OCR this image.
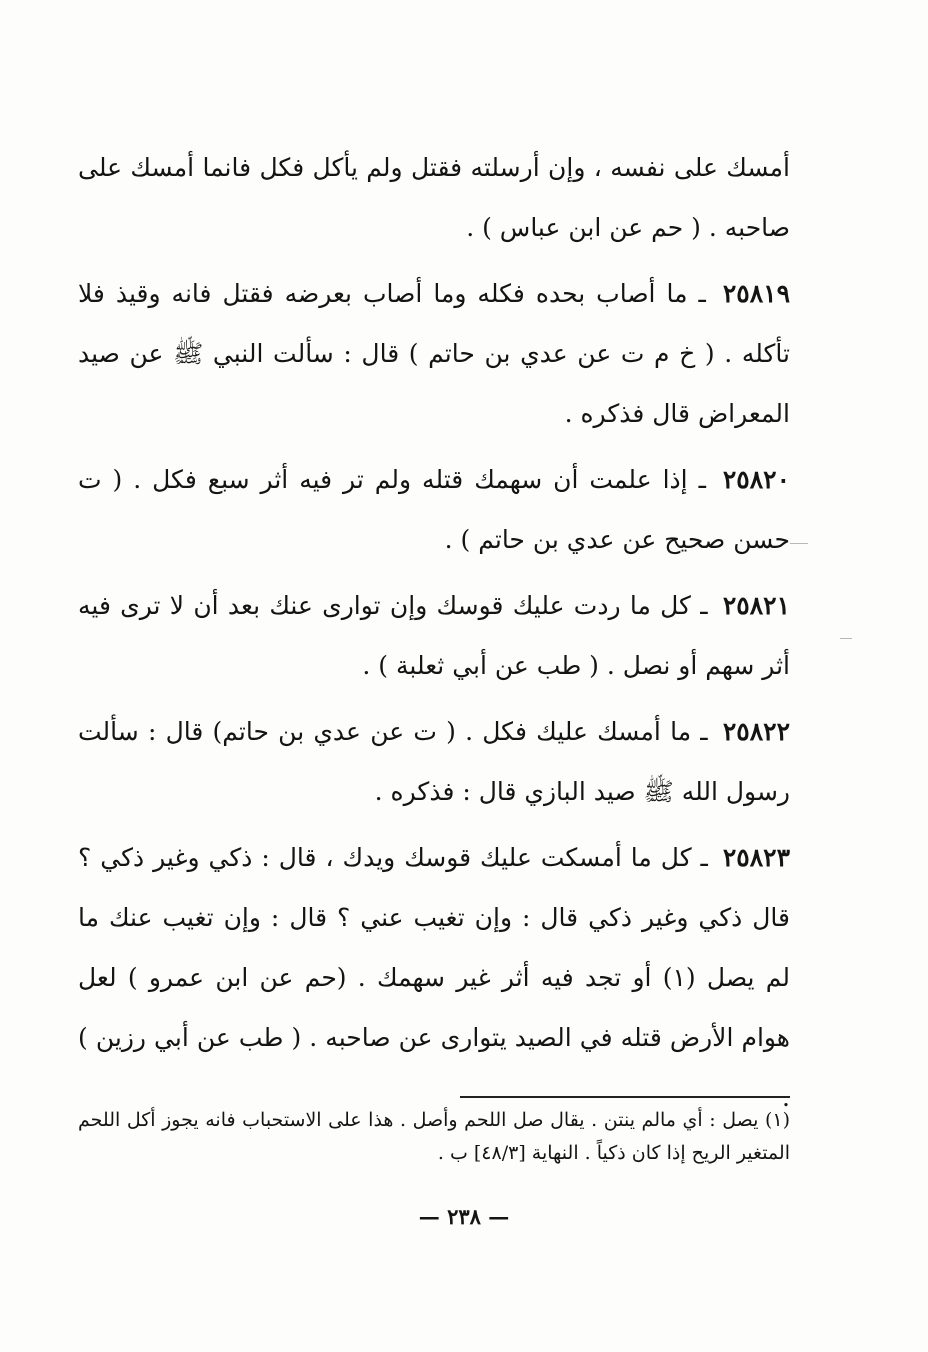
أمسك على نفسه ، وإن أرسلته فقتل ولم يأكل فكل فانما أمسك على صاحبه . ( حم عن ابن عباس ) .

٢٥٨١٩ ـ ما أصاب بحده فكله وما أصاب بعرضه فقتل فانه وقيذ فلا تأكله . ( خ م ت عن عدي بن حاتم ) قال : سألت النبي ﷺ عن صيد المعراض قال فذكره .

٢٥٨٢٠ ـ إذا علمت أن سهمك قتله ولم تر فيه أثر سبع فكل . ( ت حسن صحيح عن عدي بن حاتم ) .

٢٥٨٢١ ـ كل ما ردت عليك قوسك وإن توارى عنك بعد أن لا ترى فيه أثر سهم أو نصل . ( طب عن أبي ثعلبة ) .

٢٥٨٢٢ ـ ما أمسك عليك فكل . ( ت عن عدي بن حاتم) قال : سألت رسول الله ﷺ صيد البازي قال : فذكره .

٢٥٨٢٣ ـ كل ما أمسكت عليك قوسك ويدك ، قال : ذكي وغير ذكي ؟ قال ذكي وغير ذكي قال : وإن تغيب عني ؟ قال : وإن تغيب عنك ما لم يصل (١) أو تجد فيه أثر غير سهمك . (حم عن ابن عمرو ) لعل هوام الأرض قتله في الصيد يتوارى عن صاحبه . ( طب عن أبي رزين )

(١) يصل : أي مالم ينتن . يقال صل اللحم وأصل . هذا على الاستحباب فانه يجوز أكل اللحم المتغير الريح إذا كان ذكياً . النهاية [٤٨/٣] ب .
— ٢٣٨ —
